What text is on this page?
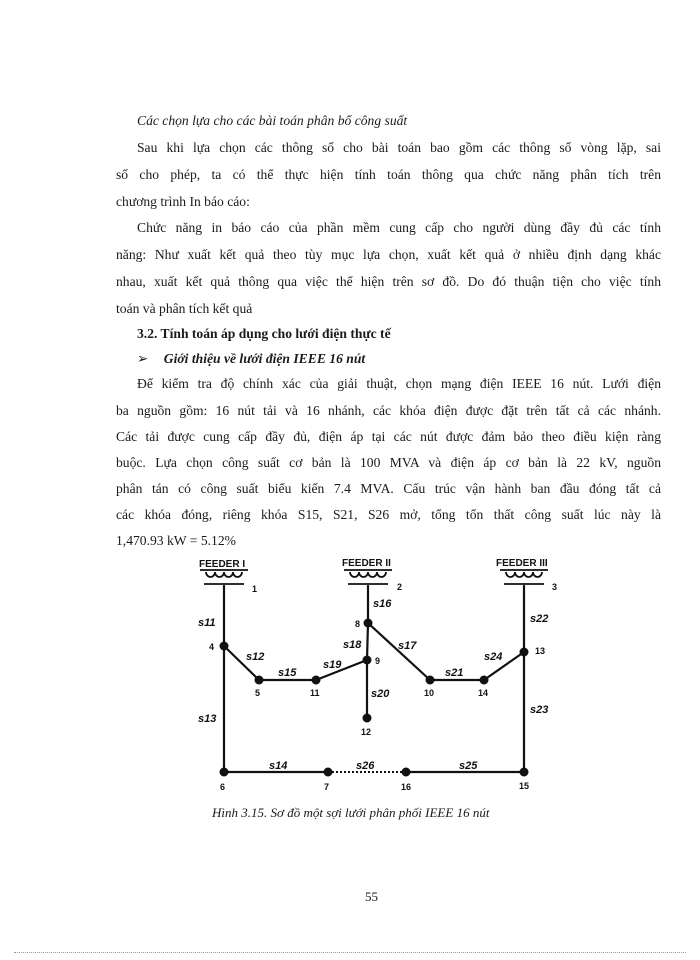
Các chọn lựa cho các bài toán phân bổ công suất
Sau khi lựa chọn các thông số cho bài toán bao gồm các thông số vòng lặp, sai
số cho phép, ta có thể thực hiện tính toán thông qua chức năng phân tích trên
chương trình In báo cáo:
Chức năng in báo cáo của phần mềm cung cấp cho người dùng đầy đủ các tính
năng: Như xuất kết quả theo tùy mục lựa chọn, xuất kết quả ở nhiều định dạng khác
nhau, xuất kết quả thông qua việc thể hiện trên sơ đồ. Do đó thuận tiện cho việc tính
toán và phân tích kết quả
3.2. Tính toán áp dụng cho lưới điện thực tế
➢ Giới thiệu về lưới điện IEEE 16 nút
Để kiểm tra độ chính xác của giải thuật, chọn mạng điện IEEE 16 nút. Lưới điện
ba nguồn gồm: 16 nút tải và 16 nhánh, các khóa điện được đặt trên tất cả các nhánh.
Các tải được cung cấp đầy đủ, điện áp tại các nút được đảm bảo theo điều kiện ràng
buộc. Lựa chọn công suất cơ bản là 100 MVA và điện áp cơ bản là 22 kV, nguồn
phân tán có công suất biểu kiến 7.4 MVA. Cấu trúc vận hành ban đầu đóng tất cả
các khóa đóng, riêng khóa S15, S21, S26 mở, tổng tổn thất công suất lúc này là
1,470.93 kW = 5.12%
FEEDER I	FEEDER II	FEEDER III
1	2	3
4
5
6	7
8
9
10
11
12
13
14
15
16
s11
s12
s13
s14
s15
s16
s17
s18
s19
s20
s21
s22
s23
s24
s25
s26
Hình 3.15. Sơ đồ một sợi lưới phân phối IEEE 16 nút
55
